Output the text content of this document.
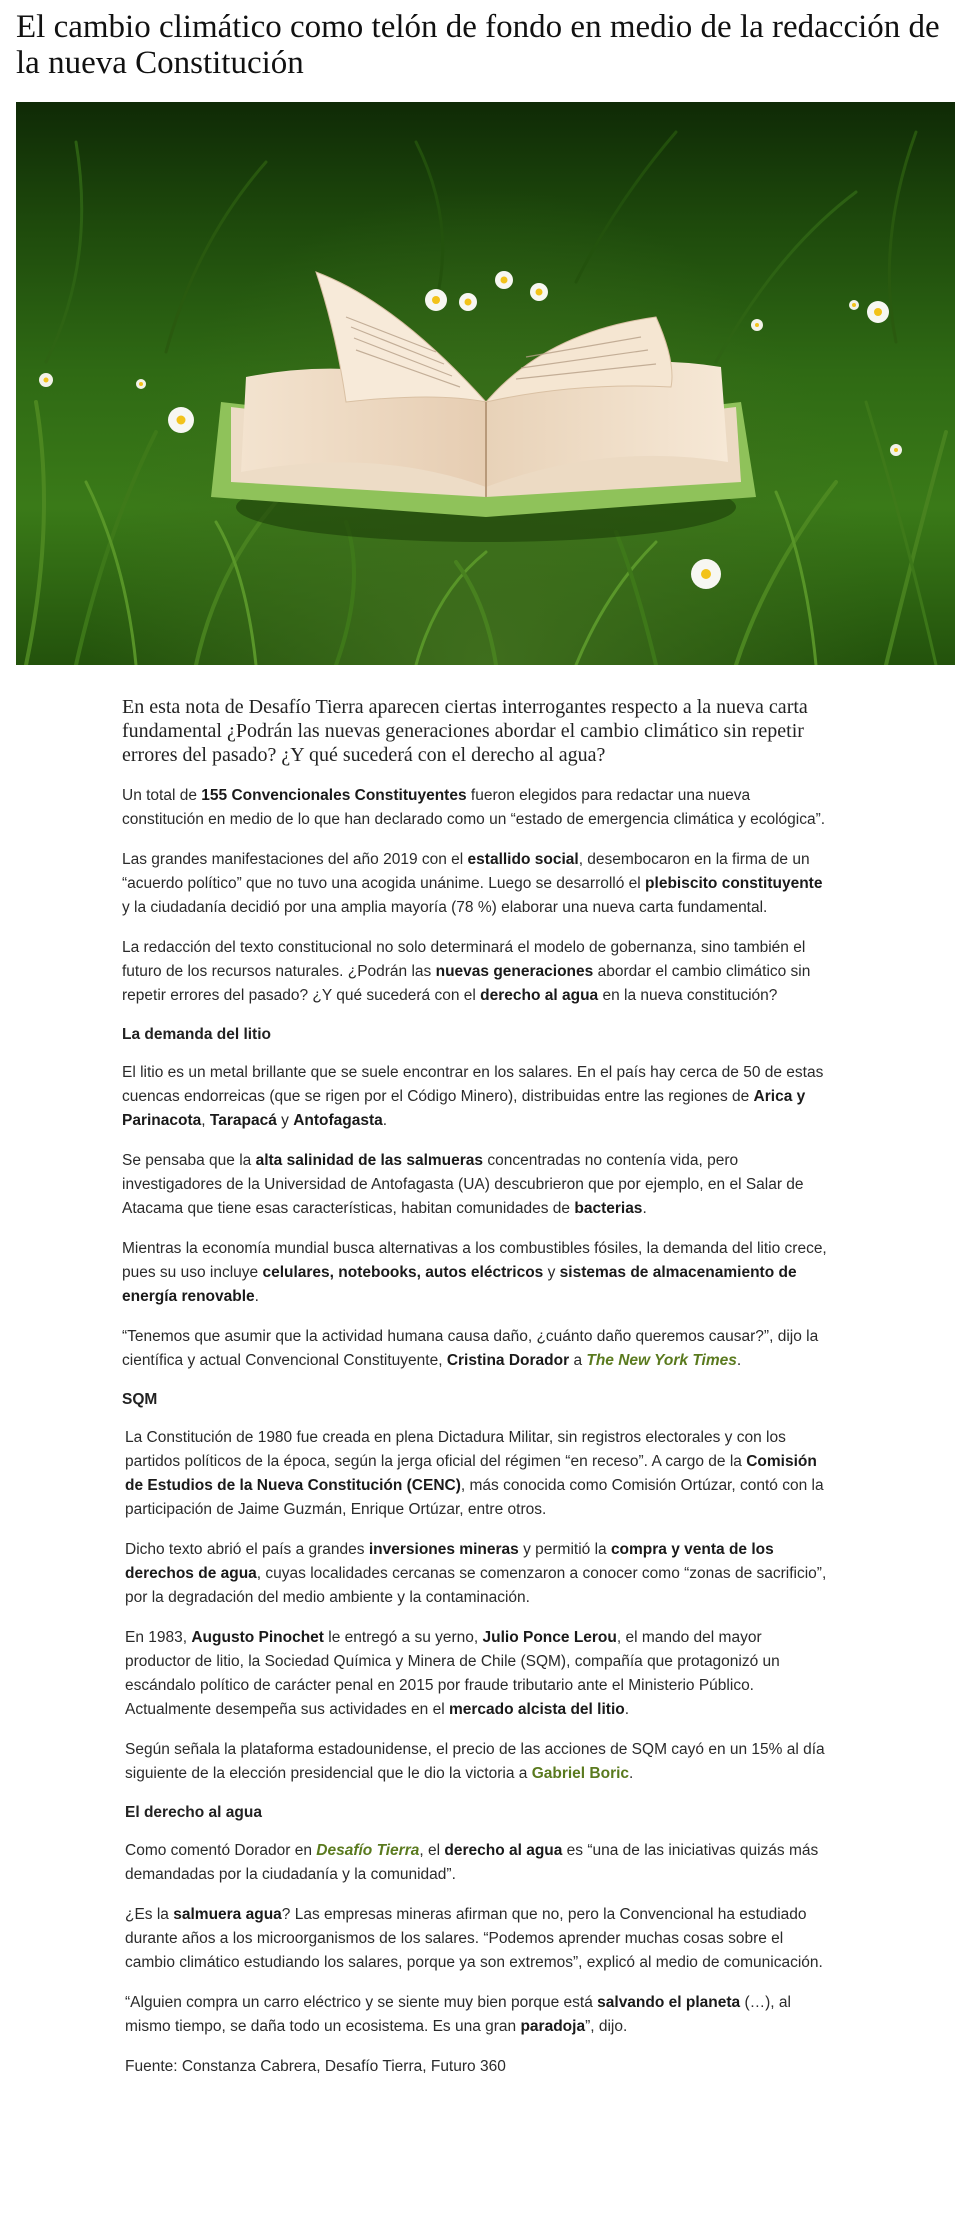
El cambio climático como telón de fondo en medio de la redacción de la nueva Constitución

En esta nota de Desafío Tierra aparecen ciertas interrogantes respecto a la nueva carta fundamental ¿Podrán las nuevas generaciones abordar el cambio climático sin repetir errores del pasado? ¿Y qué sucederá con el derecho al agua?

Un total de 155 Convencionales Constituyentes fueron elegidos para redactar una nueva constitución en medio de lo que han declarado como un “estado de emergencia climática y ecológica”.

Las grandes manifestaciones del año 2019 con el estallido social, desembocaron en la firma de un “acuerdo político” que no tuvo una acogida unánime. Luego se desarrolló el plebiscito constituyente y la ciudadanía decidió por una amplia mayoría (78 %) elaborar una nueva carta fundamental.

La redacción del texto constitucional no solo determinará el modelo de gobernanza, sino también el futuro de los recursos naturales. ¿Podrán las nuevas generaciones abordar el cambio climático sin repetir errores del pasado? ¿Y qué sucederá con el derecho al agua en la nueva constitución?

La demanda del litio

El litio es un metal brillante que se suele encontrar en los salares. En el país hay cerca de 50 de estas cuencas endorreicas (que se rigen por el Código Minero), distribuidas entre las regiones de Arica y Parinacota, Tarapacá y Antofagasta.

Se pensaba que la alta salinidad de las salmueras concentradas no contenía vida, pero investigadores de la Universidad de Antofagasta (UA) descubrieron que por ejemplo, en el Salar de Atacama que tiene esas características, habitan comunidades de bacterias.

Mientras la economía mundial busca alternativas a los combustibles fósiles, la demanda del litio crece, pues su uso incluye celulares, notebooks, autos eléctricos y sistemas de almacenamiento de energía renovable.

“Tenemos que asumir que la actividad humana causa daño, ¿cuánto daño queremos causar?”, dijo la científica y actual Convencional Constituyente, Cristina Dorador a The New York Times.

SQM

La Constitución de 1980 fue creada en plena Dictadura Militar, sin registros electorales y con los partidos políticos de la época, según la jerga oficial del régimen “en receso”. A cargo de la Comisión de Estudios de la Nueva Constitución (CENC), más conocida como Comisión Ortúzar, contó con la participación de Jaime Guzmán, Enrique Ortúzar, entre otros.

Dicho texto abrió el país a grandes inversiones mineras y permitió la compra y venta de los derechos de agua, cuyas localidades cercanas se comenzaron a conocer como “zonas de sacrificio”, por la degradación del medio ambiente y la contaminación.

En 1983, Augusto Pinochet le entregó a su yerno, Julio Ponce Lerou, el mando del mayor productor de litio, la Sociedad Química y Minera de Chile (SQM), compañía que protagonizó un escándalo político de carácter penal en 2015 por fraude tributario ante el Ministerio Público. Actualmente desempeña sus actividades en el mercado alcista del litio.

Según señala la plataforma estadounidense, el precio de las acciones de SQM cayó en un 15% al día siguiente de la elección presidencial que le dio la victoria a Gabriel Boric.

El derecho al agua

Como comentó Dorador en Desafío Tierra, el derecho al agua es “una de las iniciativas quizás más demandadas por la ciudadanía y la comunidad”.

¿Es la salmuera agua? Las empresas mineras afirman que no, pero la Convencional ha estudiado durante años a los microorganismos de los salares. “Podemos aprender muchas cosas sobre el cambio climático estudiando los salares, porque ya son extremos”, explicó al medio de comunicación.

“Alguien compra un carro eléctrico y se siente muy bien porque está salvando el planeta (…), al mismo tiempo, se daña todo un ecosistema. Es una gran paradoja”, dijo.

Fuente: Constanza Cabrera, Desafío Tierra, Futuro 360
